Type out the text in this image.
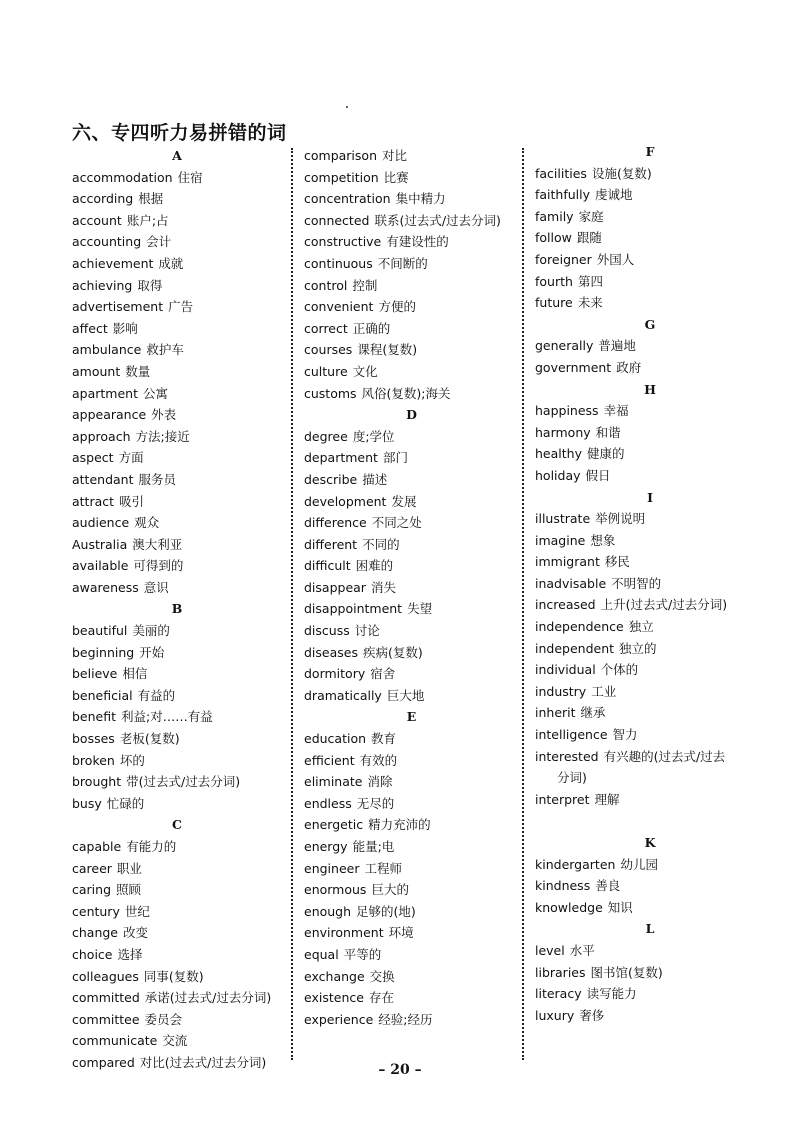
六、专四听力易拼错的词
A
accommodation 住宿
according 根据
account 账户;占
accounting 会计
achievement 成就
achieving 取得
advertisement 广告
affect 影响
ambulance 救护车
amount 数量
apartment 公寓
appearance 外表
approach 方法;接近
aspect 方面
attendant 服务员
attract 吸引
audience 观众
Australia 澳大利亚
available 可得到的
awareness 意识
B
beautiful 美丽的
beginning 开始
believe 相信
beneficial 有益的
benefit 利益;对……有益
bosses 老板(复数)
broken 坏的
brought 带(过去式/过去分词)
busy 忙碌的
C
capable 有能力的
career 职业
caring 照顾
century 世纪
change 改变
choice 选择
colleagues 同事(复数)
committed 承诺(过去式/过去分词)
committee 委员会
communicate 交流
compared 对比(过去式/过去分词)
comparison 对比
competition 比赛
concentration 集中精力
connected 联系(过去式/过去分词)
constructive 有建设性的
continuous 不间断的
control 控制
convenient 方便的
correct 正确的
courses 课程(复数)
culture 文化
customs 风俗(复数);海关
D
degree 度;学位
department 部门
describe 描述
development 发展
difference 不同之处
different 不同的
difficult 困难的
disappear 消失
disappointment 失望
discuss 讨论
diseases 疾病(复数)
dormitory 宿舍
dramatically 巨大地
E
education 教育
efficient 有效的
eliminate 消除
endless 无尽的
energetic 精力充沛的
energy 能量;电
engineer 工程师
enormous 巨大的
enough 足够的(地)
environment 环境
equal 平等的
exchange 交换
existence 存在
experience 经验;经历
F
facilities 设施(复数)
faithfully 虔诚地
family 家庭
follow 跟随
foreigner 外国人
fourth 第四
future 未来
G
generally 普遍地
government 政府
H
happiness 幸福
harmony 和谐
healthy 健康的
holiday 假日
I
illustrate 举例说明
imagine 想象
immigrant 移民
inadvisable 不明智的
increased 上升(过去式/过去分词)
independence 独立
independent 独立的
individual 个体的
industry 工业
inherit 继承
intelligence 智力
interested 有兴趣的(过去式/过去
分词)
interpret 理解
K
kindergarten 幼儿园
kindness 善良
knowledge 知识
L
level 水平
libraries 图书馆(复数)
literacy 读写能力
luxury 奢侈
– 20 –
